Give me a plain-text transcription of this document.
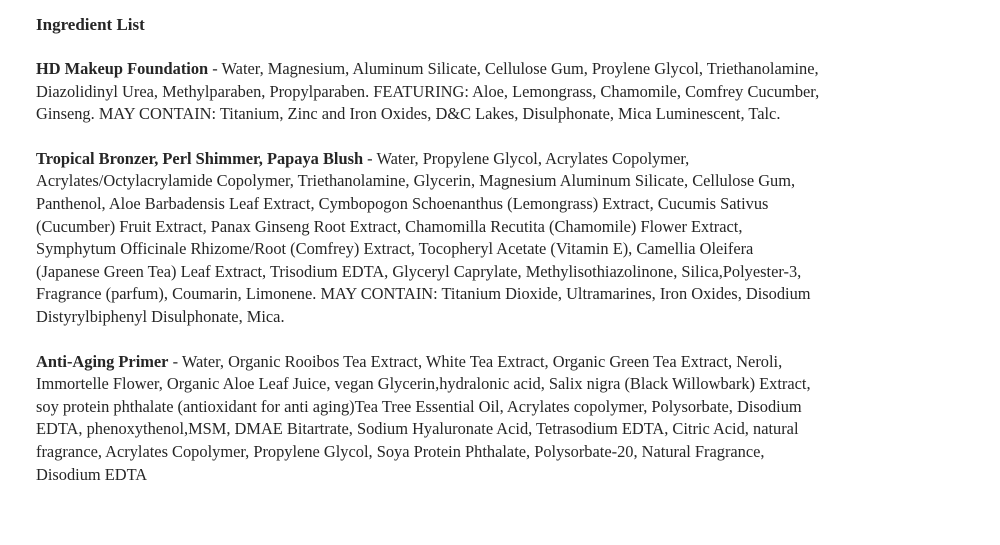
Ingredient List
HD Makeup Foundation - Water, Magnesium, Aluminum Silicate, Cellulose Gum, Proylene Glycol, Triethanolamine,
Diazolidinyl Urea, Methylparaben, Propylparaben. FEATURING: Aloe, Lemongrass, Chamomile, Comfrey Cucumber,
Ginseng. MAY CONTAIN: Titanium, Zinc and Iron Oxides, D&C Lakes, Disulphonate, Mica Luminescent, Talc.
Tropical Bronzer, Perl Shimmer, Papaya Blush - Water, Propylene Glycol, Acrylates Copolymer,
Acrylates/Octylacrylamide Copolymer, Triethanolamine, Glycerin, Magnesium Aluminum Silicate, Cellulose Gum,
Panthenol, Aloe Barbadensis Leaf Extract, Cymbopogon Schoenanthus (Lemongrass) Extract, Cucumis Sativus
(Cucumber) Fruit Extract, Panax Ginseng Root Extract, Chamomilla Recutita (Chamomile) Flower Extract,
Symphytum Officinale Rhizome/Root (Comfrey) Extract, Tocopheryl Acetate (Vitamin E), Camellia Oleifera
(Japanese Green Tea) Leaf Extract, Trisodium EDTA, Glyceryl Caprylate, Methylisothiazolinone, Silica,Polyester-3,
Fragrance (parfum), Coumarin, Limonene. MAY CONTAIN: Titanium Dioxide, Ultramarines, Iron Oxides, Disodium
Distyrylbiphenyl Disulphonate, Mica.
Anti-Aging Primer - Water, Organic Rooibos Tea Extract, White Tea Extract, Organic Green Tea Extract, Neroli,
Immortelle Flower, Organic Aloe Leaf Juice, vegan Glycerin,hydralonic acid, Salix nigra (Black Willowbark) Extract,
soy protein phthalate (antioxidant for anti aging)Tea Tree Essential Oil, Acrylates copolymer, Polysorbate, Disodium
EDTA, phenoxythenol,MSM, DMAE Bitartrate, Sodium Hyaluronate Acid, Tetrasodium EDTA, Citric Acid, natural
fragrance, Acrylates Copolymer, Propylene Glycol, Soya Protein Phthalate, Polysorbate-20, Natural Fragrance,
Disodium EDTA
